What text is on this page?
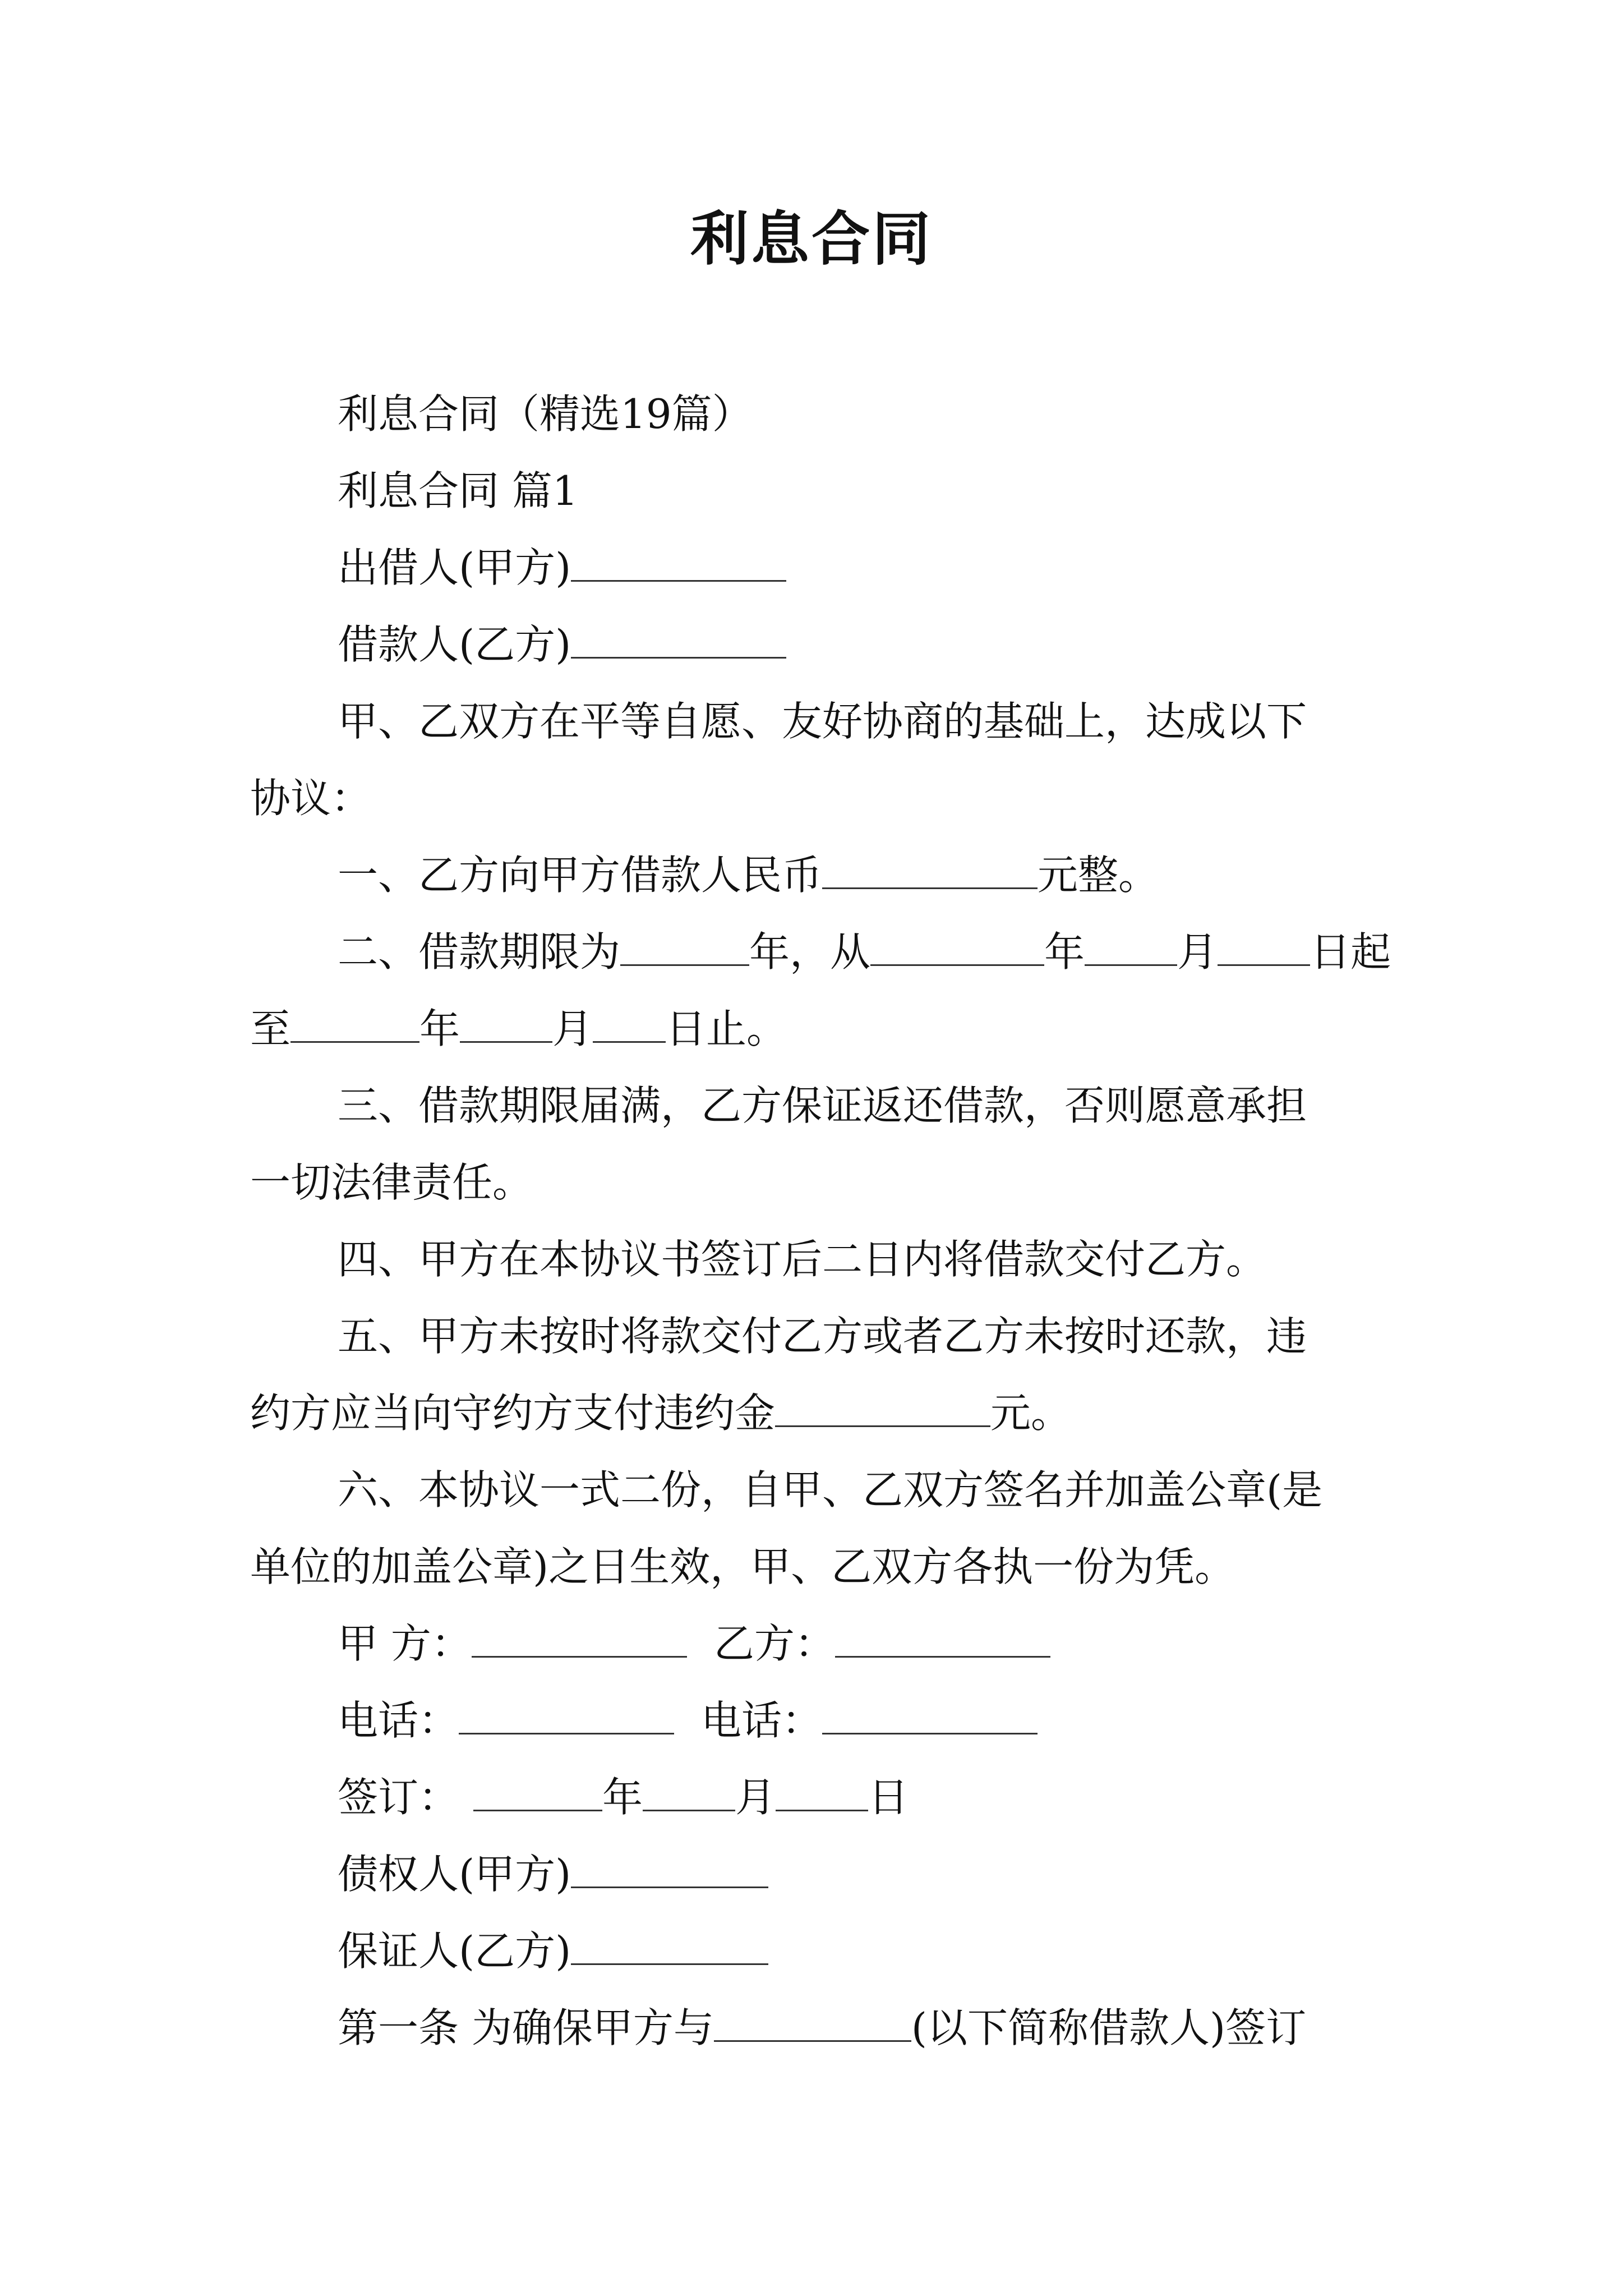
利息合同
利息合同（精选19篇）
利息合同 篇1
出借人(甲方)
借款人(乙方)
甲、乙双方在平等自愿、友好协商的基础上，达成以下
协议：
一、乙方向甲方借款人民币	元整。
二、借款期限为	年，从	年 月 日起
至	年 月 日止。
三、借款期限届满，乙方保证返还借款，否则愿意承担
一切法律责任。
四、甲方在本协议书签订后二日内将借款交付乙方。
五、甲方未按时将款交付乙方或者乙方未按时还款，违
约方应当向守约方支付违约金	元。
六、本协议一式二份，自甲、乙双方签名并加盖公章(是
单位的加盖公章)之日生效，甲、乙双方各执一份为凭。
甲 方：	乙方：
电话：	电话：
签订：	年 月 日
债权人(甲方)
保证人(乙方)
第一条 为确保甲方与	(以下简称借款人)签订
